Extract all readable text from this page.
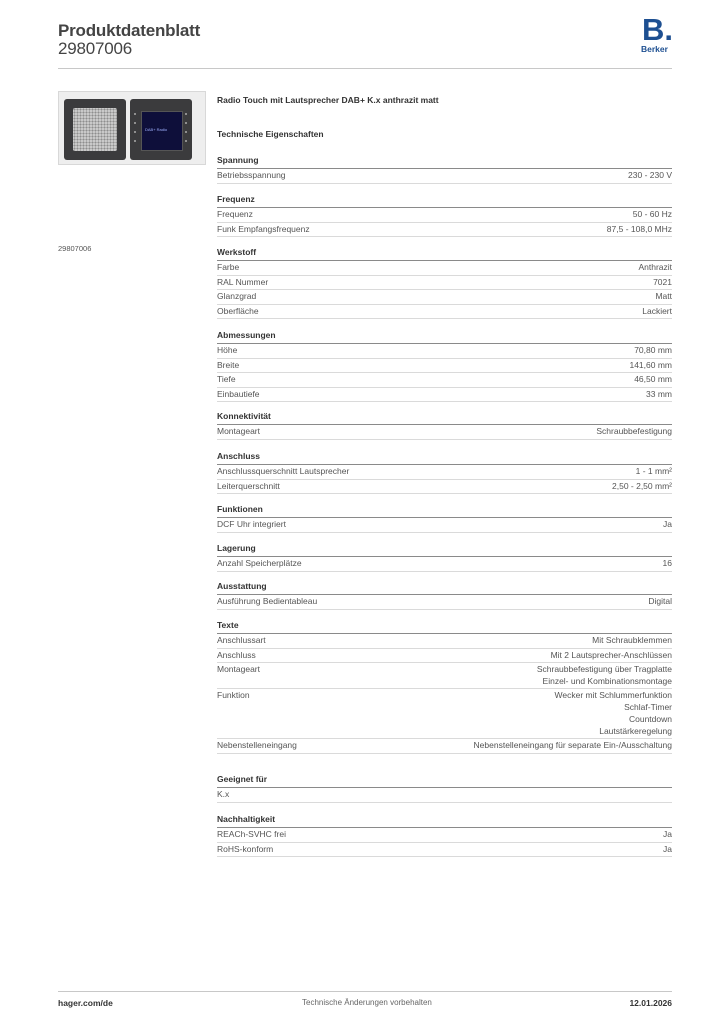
Produktdatenblatt
29807006
B.
Berker
DAB+ Radio
29807006
Radio Touch mit Lautsprecher DAB+ K.x anthrazit matt
Technische Eigenschaften
Spannung
Betriebsspannung	230 - 230 V
Frequenz
Frequenz	50 - 60 Hz
Funk Empfangsfrequenz	87,5 - 108,0 MHz
Werkstoff
Farbe	Anthrazit
RAL Nummer	7021
Glanzgrad	Matt
Oberfläche	Lackiert
Abmessungen
Höhe	70,80 mm
Breite	141,60 mm
Tiefe	46,50 mm
Einbautiefe	33 mm
Konnektivität
Montageart	Schraubbefestigung
Anschluss
Anschlussquerschnitt Lautsprecher	1 - 1 mm²
Leiterquerschnitt	2,50 - 2,50 mm²
Funktionen
DCF Uhr integriert	Ja
Lagerung
Anzahl Speicherplätze	16
Ausstattung
Ausführung Bedientableau	Digital
Texte
Anschlussart	Mit Schraubklemmen
Anschluss	Mit 2 Lautsprecher-Anschlüssen
Montageart	Schraubbefestigung über Tragplatte
Einzel- und Kombinationsmontage
Funktion	Wecker mit Schlummerfunktion
Schlaf-Timer
Countdown
Lautstärkeregelung
Nebenstelleneingang	Nebenstelleneingang für separate Ein-/Ausschaltung
Geeignet für
K.x
Nachhaltigkeit
REACh-SVHC frei	Ja
RoHS-konform	Ja
hager.com/de	Technische Änderungen vorbehalten	12.01.2026
